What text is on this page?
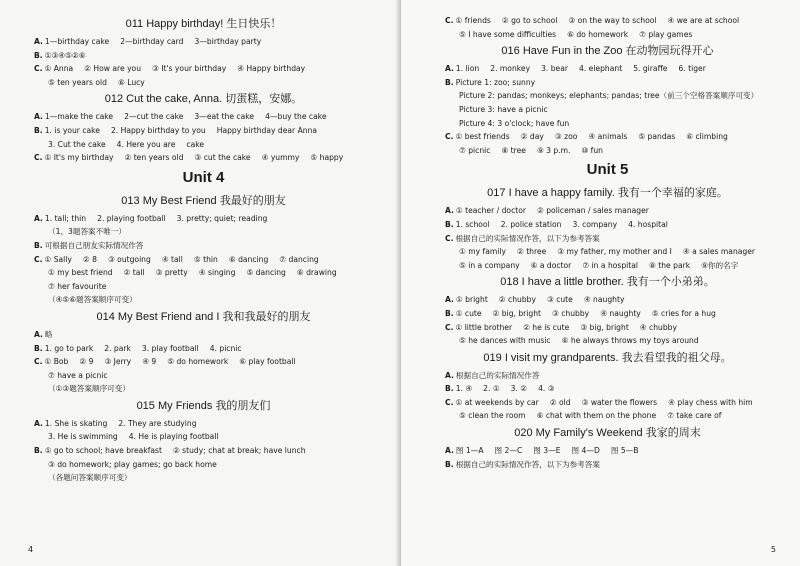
011 Happy birthday! 生日快乐！
A. 1—birthday cake 2—birthday card 3—birthday party
B. ①③④⑤②⑥
C. ① Anna ② How are you ③ It's your birthday ④ Happy birthday
⑤ ten years old ⑥ Lucy
012 Cut the cake, Anna. 切蛋糕，安娜。
A. 1—make the cake 2—cut the cake 3—eat the cake 4—buy the cake
B. 1. is your cake 2. Happy birthday to you Happy birthday dear Anna
3. Cut the cake 4. Here you are cake
C. ① It's my birthday ② ten years old ③ cut the cake ④ yummy ⑤ happy
Unit 4
013 My Best Friend 我最好的朋友
A. 1. tall; thin 2. playing football 3. pretty; quiet; reading
（1、3题答案不唯一）
B. 可根据自己朋友实际情况作答
C. ① Sally ② 8 ③ outgoing ④ tall ⑤ thin ⑥ dancing ⑦ dancing
① my best friend ② tall ③ pretty ④ singing ⑤ dancing ⑥ drawing
⑦ her favourite
（④⑤⑥题答案顺序可变）
014 My Best Friend and I 我和我最好的朋友
A. 略
B. 1. go to park 2. park 3. play football 4. picnic
C. ① Bob ② 9 ③ Jerry ④ 9 ⑤ do homework ⑥ play football
⑦ have a picnic
（①③题答案顺序可变）
015 My Friends 我的朋友们
A. 1. She is skating 2. They are studying
3. He is swimming 4. He is playing football
B. ① go to school; have breakfast ② study; chat at break; have lunch
③ do homework; play games; go back home
（各题问答案顺序可变）
4
C. ① friends ② go to school ③ on the way to school ④ we are at school
⑤ I have some difficulties ⑥ do homework ⑦ play games
016 Have Fun in the Zoo 在动物园玩得开心
A. 1. lion 2. monkey 3. bear 4. elephant 5. giraffe 6. tiger
B. Picture 1: zoo; sunny
Picture 2: pandas; monkeys; elephants; pandas; tree（前三个空格答案顺序可变）
Picture 3: have a picnic
Picture 4: 3 o'clock; have fun
C. ① best friends ② day ③ zoo ④ animals ⑤ pandas ⑥ climbing
⑦ picnic ⑧ tree ⑨ 3 p.m. ⑩ fun
Unit 5
017 I have a happy family. 我有一个幸福的家庭。
A. ① teacher / doctor ② policeman / sales manager
B. 1. school 2. police station 3. company 4. hospital
C. 根据自己的实际情况作答，以下为参考答案
① my family ② three ③ my father, my mother and I ④ a sales manager
⑤ in a company ⑥ a doctor ⑦ in a hospital ⑧ the park ⑨你的名字
018 I have a little brother. 我有一个小弟弟。
A. ① bright ② chubby ③ cute ④ naughty
B. ① cute ② big, bright ③ chubby ④ naughty ⑤ cries for a hug
C. ① little brother ② he is cute ③ big, bright ④ chubby
⑤ he dances with music ⑥ he always throws my toys around
019 I visit my grandparents. 我去看望我的祖父母。
A. 根据自己的实际情况作答
B. 1. ④ 2. ① 3. ② 4. ③
C. ① at weekends by car ② old ③ water the flowers ④ play chess with him
⑤ clean the room ⑥ chat with them on the phone ⑦ take care of
020 My Family's Weekend 我家的周末
A. 图 1—A 图 2—C 图 3—E 图 4—D 图 5—B
B. 根据自己的实际情况作答，以下为参考答案
5
